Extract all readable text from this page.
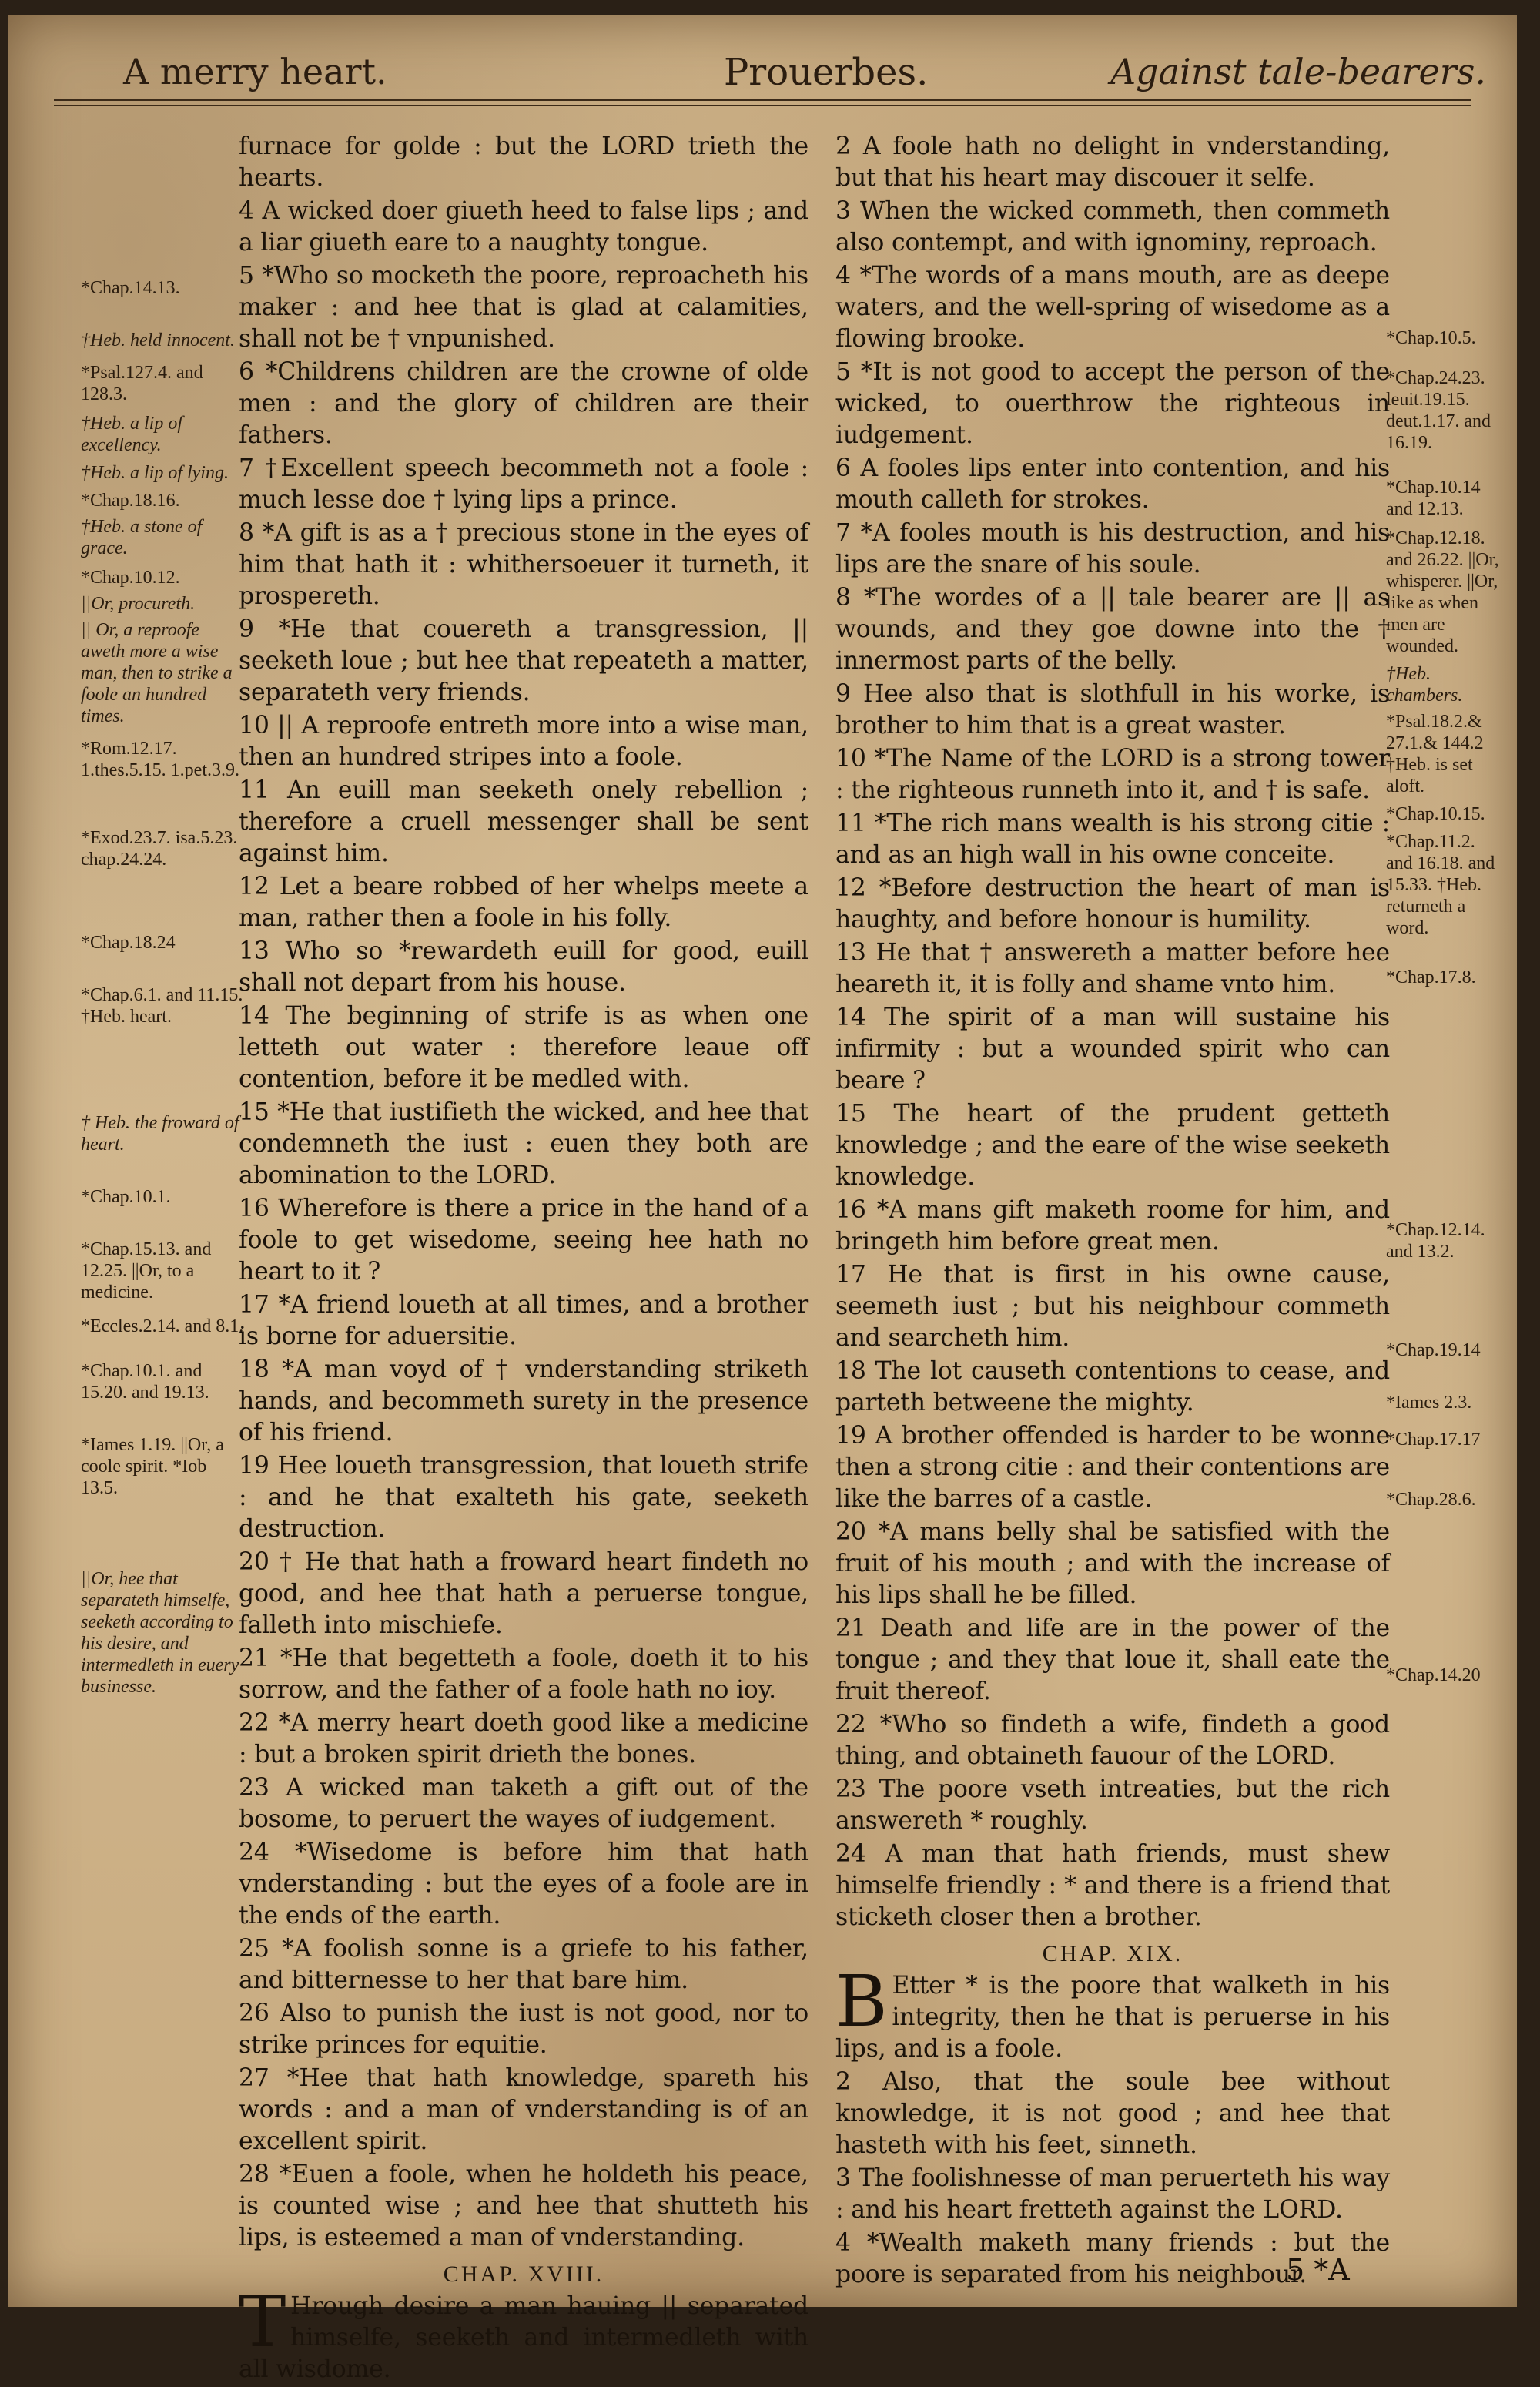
A merry heart.	Prouerbes.	Against tale-bearers.
*Chap.14.13.
†Heb. held innocent.
*Psal.127.4. and 128.3.
†Heb. a lip of excellency.
†Heb. a lip of lying.
*Chap.18.16.
†Heb. a stone of grace.
*Chap.10.12.
||Or, procureth.
|| Or, a reproofe aweth more a wise man, then to strike a foole an hundred times.
*Rom.12.17. 1.thes.5.15. 1.pet.3.9.
*Exod.23.7. isa.5.23. chap.24.24.
*Chap.18.24
*Chap.6.1. and 11.15. †Heb. heart.
† Heb. the froward of heart.
*Chap.10.1.
*Chap.15.13. and 12.25. ||Or, to a medicine.
*Eccles.2.14. and 8.1.
*Chap.10.1. and 15.20. and 19.13.
*Iames 1.19. ||Or, a coole spirit. *Iob 13.5.
||Or, hee that separateth himselfe, seeketh according to his desire, and intermedleth in euery businesse.

furnace for golde : but the LORD trieth the hearts.

4 A wicked doer giueth heed to false lips ; and a liar giueth eare to a naughty tongue.

5 *Who so mocketh the poore, reproacheth his maker : and hee that is glad at calamities, shall not be † vnpunished.

6 *Childrens children are the crowne of olde men : and the glory of children are their fathers.

7 †Excellent speech becommeth not a foole : much lesse doe † lying lips a prince.

8 *A gift is as a † precious stone in the eyes of him that hath it : whithersoeuer it turneth, it prospereth.

9 *He that couereth a transgression, || seeketh loue ; but hee that repeateth a matter, separateth very friends.

10 || A reproofe entreth more into a wise man, then an hundred stripes into a foole.

11 An euill man seeketh onely rebellion ; therefore a cruell messenger shall be sent against him.

12 Let a beare robbed of her whelps meete a man, rather then a foole in his folly.

13 Who so *rewardeth euill for good, euill shall not depart from his house.

14 The beginning of strife is as when one letteth out water : therefore leaue off contention, before it be medled with.

15 *He that iustifieth the wicked, and hee that condemneth the iust : euen they both are abomination to the LORD.

16 Wherefore is there a price in the hand of a foole to get wisedome, seeing hee hath no heart to it ?

17 *A friend loueth at all times, and a brother is borne for aduersitie.

18 *A man voyd of † vnderstanding striketh hands, and becommeth surety in the presence of his friend.

19 Hee loueth transgression, that loueth strife : and he that exalteth his gate, seeketh destruction.

20 † He that hath a froward heart findeth no good, and hee that hath a peruerse tongue, falleth into mischiefe.

21 *He that begetteth a foole, doeth it to his sorrow, and the father of a foole hath no ioy.

22 *A merry heart doeth good like a medicine : but a broken spirit drieth the bones.

23 A wicked man taketh a gift out of the bosome, to peruert the wayes of iudgement.

24 *Wisedome is before him that hath vnderstanding : but the eyes of a foole are in the ends of the earth.

25 *A foolish sonne is a griefe to his father, and bitternesse to her that bare him.

26 Also to punish the iust is not good, nor to strike princes for equitie.

27 *Hee that hath knowledge, spareth his words : and a man of vnderstanding is of an excellent spirit.

28 *Euen a foole, when he holdeth his peace, is counted wise ; and hee that shutteth his lips, is esteemed a man of vnderstanding.

CHAP. XVIII.

T Hrough desire a man hauing || separated himselfe, seeketh and intermedleth with all wisdome.

2 A foole hath no delight in vnderstanding, but that his heart may discouer it selfe.

3 When the wicked commeth, then commeth also contempt, and with ignominy, reproach.

4 *The words of a mans mouth, are as deepe waters, and the well-spring of wisedome as a flowing brooke.

5 *It is not good to accept the person of the wicked, to ouerthrow the righteous in iudgement.

6 A fooles lips enter into contention, and his mouth calleth for strokes.

7 *A fooles mouth is his destruction, and his lips are the snare of his soule.

8 *The wordes of a || tale bearer are || as wounds, and they goe downe into the † innermost parts of the belly.

9 Hee also that is slothfull in his worke, is brother to him that is a great waster.

10 *The Name of the LORD is a strong tower : the righteous runneth into it, and † is safe.

11 *The rich mans wealth is his strong citie : and as an high wall in his owne conceite.

12 *Before destruction the heart of man is haughty, and before honour is humility.

13 He that † answereth a matter before hee heareth it, it is folly and shame vnto him.

14 The spirit of a man will sustaine his infirmity : but a wounded spirit who can beare ?

15 The heart of the prudent getteth knowledge ; and the eare of the wise seeketh knowledge.

16 *A mans gift maketh roome for him, and bringeth him before great men.

17 He that is first in his owne cause, seemeth iust ; but his neighbour commeth and searcheth him.

18 The lot causeth contentions to cease, and parteth betweene the mighty.

19 A brother offended is harder to be wonne then a strong citie : and their contentions are like the barres of a castle.

20 *A mans belly shal be satisfied with the fruit of his mouth ; and with the increase of his lips shall he be filled.

21 Death and life are in the power of the tongue ; and they that loue it, shall eate the fruit thereof.

22 *Who so findeth a wife, findeth a good thing, and obtaineth fauour of the LORD.

23 The poore vseth intreaties, but the rich answereth * roughly.

24 A man that hath friends, must shew himselfe friendly : * and there is a friend that sticketh closer then a brother.

CHAP. XIX.

B Etter * is the poore that walketh in his integrity, then he that is peruerse in his lips, and is a foole.

2 Also, that the soule bee without knowledge, it is not good ; and hee that hasteth with his feet, sinneth.

3 The foolishnesse of man peruerteth his way : and his heart fretteth against the LORD.

4 *Wealth maketh many friends : but the poore is separated from his neighbour.

*Chap.10.5.
*Chap.24.23. leuit.19.15. deut.1.17. and 16.19.
*Chap.10.14 and 12.13.
*Chap.12.18. and 26.22. ||Or, whisperer. ||Or, like as when men are wounded.
†Heb. chambers.
*Psal.18.2.& 27.1.& 144.2 †Heb. is set aloft.
*Chap.10.15.
*Chap.11.2. and 16.18. and 15.33. †Heb. returneth a word.
*Chap.17.8.
*Chap.12.14. and 13.2.
*Chap.19.14
*Iames 2.3.
*Chap.17.17
*Chap.28.6.
*Chap.14.20
5 *A
